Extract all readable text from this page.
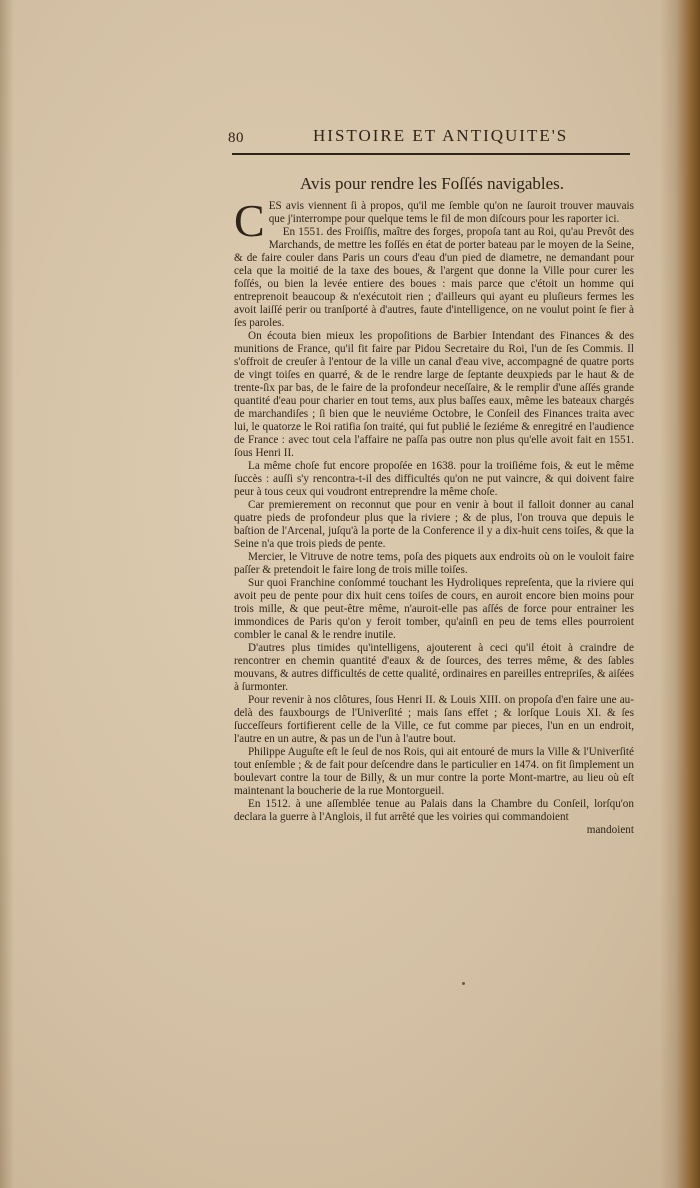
80	HISTOIRE ET ANTIQUITE'S
Avis pour rendre les Foſſés navigables.

CES avis viennent ſi à propos, qu'il me ſemble qu'on ne ſauroit trouver mauvais que j'interrompe pour quelque tems le fil de mon diſcours pour les raporter ici.

En 1551. des Froiſſis, maître des forges, propoſa tant au Roi, qu'au Prevôt des Marchands, de mettre les foſſés en état de porter bateau par le moyen de la Seine, & de faire couler dans Paris un cours d'eau d'un pied de diametre, ne demandant pour cela que la moitié de la taxe des boues, & l'argent que donne la Ville pour curer les foſſés, ou bien la levée entiere des boues : mais parce que c'étoit un homme qui entreprenoit beaucoup & n'exécutoit rien ; d'ailleurs qui ayant eu pluſieurs fermes les avoit laiſſé perir ou tranſporté à d'autres, faute d'intelligence, on ne voulut point ſe fier à ſes paroles.

On écouta bien mieux les propoſitions de Barbier Intendant des Finances & des munitions de France, qu'il fit faire par Pidou Secretaire du Roi, l'un de ſes Commis. Il s'offroit de creuſer à l'entour de la ville un canal d'eau vive, accompagné de quatre ports de vingt toiſes en quarré, & de le rendre large de ſeptante deuxpieds par le haut & de trente-ſix par bas, de le faire de la profondeur neceſſaire, & le remplir d'une aſſés grande quantité d'eau pour charier en tout tems, aux plus baſſes eaux, même les bateaux chargés de marchandiſes ; ſi bien que le neuviéme Octobre, le Conſeil des Finances traita avec lui, le quatorze le Roi ratifia ſon traité, qui fut publié le ſeziéme & enregitré en l'audience de France : avec tout cela l'affaire ne paſſa pas outre non plus qu'elle avoit fait en 1551. ſous Henri II.

La même choſe fut encore propoſée en 1638. pour la troiſiéme fois, & eut le même ſuccès : auſſi s'y rencontra-t-il des difficultés qu'on ne put vaincre, & qui doivent faire peur à tous ceux qui voudront entreprendre la même choſe.

Car premierement on reconnut que pour en venir à bout il falloit donner au canal quatre pieds de profondeur plus que la riviere ; & de plus, l'on trouva que depuis le baſtion de l'Arcenal, juſqu'à la porte de la Conference il y a dix-huit cens toiſes, & que la Seine n'a que trois pieds de pente.

Mercier, le Vitruve de notre tems, poſa des piquets aux endroits où on le vouloit faire paſſer & pretendoit le faire long de trois mille toiſes.

Sur quoi Franchine conſommé touchant les Hydroliques repreſenta, que la riviere qui avoit peu de pente pour dix huit cens toiſes de cours, en auroit encore bien moins pour trois mille, & que peut-être même, n'auroit-elle pas aſſés de force pour entrainer les immondices de Paris qu'on y feroit tomber, qu'ainſi en peu de tems elles pourroient combler le canal & le rendre inutile.

D'autres plus timides qu'intelligens, ajouterent à ceci qu'il étoit à craindre de rencontrer en chemin quantité d'eaux & de ſources, des terres même, & des ſables mouvans, & autres difficultés de cette qualité, ordinaires en pareilles entrepriſes, & aiſées à ſurmonter.

Pour revenir à nos clôtures, ſous Henri II. & Louis XIII. on propoſa d'en faire une au-delà des fauxbourgs de l'Univerſité ; mais ſans effet ; & lorſque Louis XI. & ſes ſucceſſeurs fortifierent celle de la Ville, ce fut comme par pieces, l'un en un endroit, l'autre en un autre, & pas un de l'un à l'autre bout.

Philippe Auguſte eſt le ſeul de nos Rois, qui ait entouré de murs la Ville & l'Univerſité tout enſemble ; & de fait pour deſcendre dans le particulier en 1474. on fit ſimplement un boulevart contre la tour de Billy, & un mur contre la porte Mont-martre, au lieu où eſt maintenant la boucherie de la rue Montorgueil.

En 1512. à une aſſemblée tenue au Palais dans la Chambre du Conſeil, lorſqu'on declara la guerre à l'Anglois, il fut arrêté que les voiries qui commandoient

mandoient
